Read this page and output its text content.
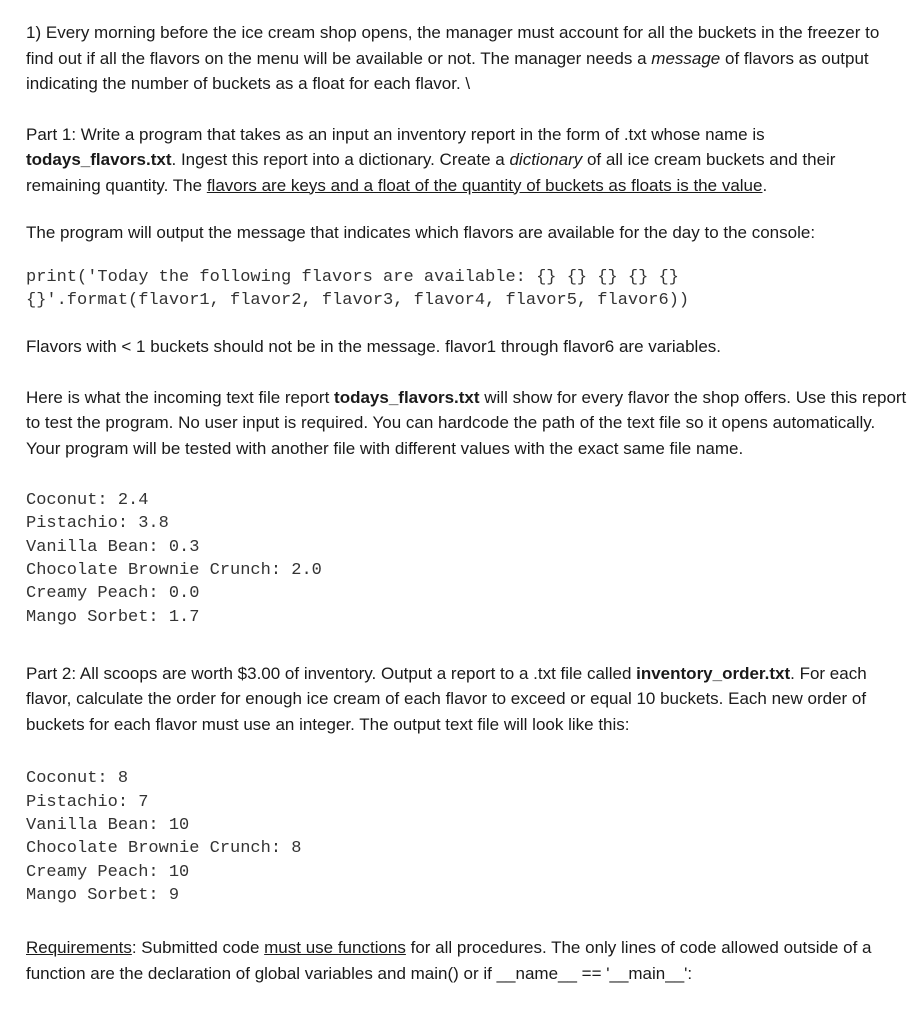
1) Every morning before the ice cream shop opens, the manager must account for all the buckets in the freezer to find out if all the flavors on the menu will be available or not. The manager needs a message of flavors as output indicating the number of buckets as a float for each flavor. \

Part 1: Write a program that takes as an input an inventory report in the form of .txt whose name is todays_flavors.txt. Ingest this report into a dictionary. Create a dictionary of all ice cream buckets and their remaining quantity. The flavors are keys and a float of the quantity of buckets as floats is the value.

The program will output the message that indicates which flavors are available for the day to the console:

print('Today the following flavors are available: {} {} {} {} {}
{}'.format(flavor1, flavor2, flavor3, flavor4, flavor5, flavor6))

Flavors with < 1 buckets should not be in the message. flavor1 through flavor6 are variables.

Here is what the incoming text file report todays_flavors.txt will show for every flavor the shop offers. Use this report to test the program. No user input is required. You can hardcode the path of the text file so it opens automatically. Your program will be tested with another file with different values with the exact same file name.

Coconut: 2.4
Pistachio: 3.8
Vanilla Bean: 0.3
Chocolate Brownie Crunch: 2.0
Creamy Peach: 0.0
Mango Sorbet: 1.7

Part 2: All scoops are worth $3.00 of inventory. Output a report to a .txt file called inventory_order.txt. For each flavor, calculate the order for enough ice cream of each flavor to exceed or equal 10 buckets. Each new order of buckets for each flavor must use an integer. The output text file will look like this:

Coconut: 8
Pistachio: 7
Vanilla Bean: 10
Chocolate Brownie Crunch: 8
Creamy Peach: 10
Mango Sorbet: 9

Requirements: Submitted code must use functions for all procedures. The only lines of code allowed outside of a function are the declaration of global variables and main() or if __name__ == '__main__':
